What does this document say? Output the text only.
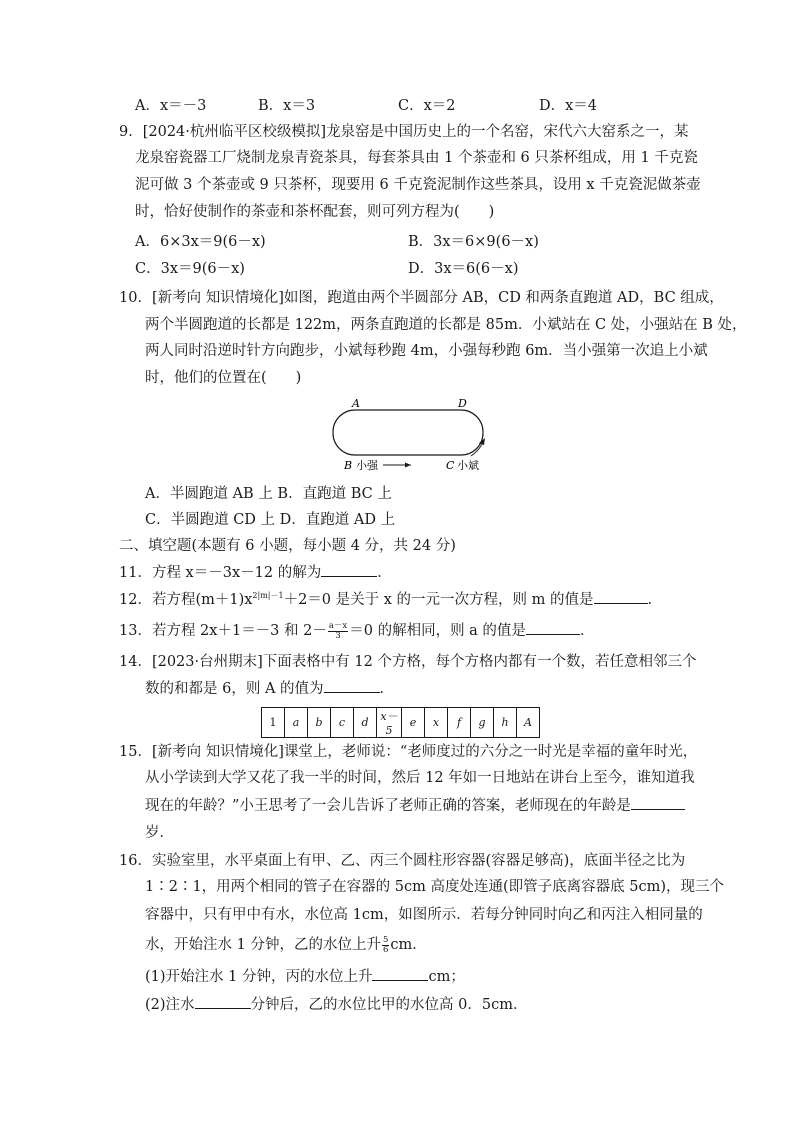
A．x＝－3	B．x＝3	C．x＝2	D．x＝4
9．[2024·杭州临平区校级模拟]龙泉窑是中国历史上的一个名窑，宋代六大窑系之一，某
龙泉窑瓷器工厂烧制龙泉青瓷茶具，每套茶具由 1 个茶壶和 6 只茶杯组成，用 1 千克瓷
泥可做 3 个茶壶或 9 只茶杯，现要用 6 千克瓷泥制作这些茶具，设用 x 千克瓷泥做茶壶
时，恰好使制作的茶壶和茶杯配套，则可列方程为(　　)
A．6×3x＝9(6－x)	B．3x＝6×9(6－x)
C．3x＝9(6－x)	D．3x＝6(6－x)
10．[新考向 知识情境化]如图，跑道由两个半圆部分 AB，CD 和两条直跑道 AD，BC 组成，
两个半圆跑道的长都是 122m，两条直跑道的长都是 85m．小斌站在 C 处，小强站在 B 处，
两人同时沿逆时针方向跑步，小斌每秒跑 4m，小强每秒跑 6m．当小强第一次追上小斌
时，他们的位置在(　　)
A	D
B 小强	C 小斌
A．半圆跑道 AB 上 B．直跑道 BC 上
C．半圆跑道 CD 上 D．直跑道 AD 上
二、填空题(本题有 6 小题，每小题 4 分，共 24 分)
11．方程 x＝－3x－12 的解为	．
12．若方程$(m+1)x^{2|m|-1}+2=0$ 是关于 x 的一元一次方程，则 m 的值是	．
13．若方程 2x＋1＝－3 和 $2- \frac{a-x}{3} =0$ 的解相同，则 a 的值是	．
14．[2023·台州期末]下面表格中有 12 个方格，每个方格内都有一个数，若任意相邻三个
数的和都是 6，则 A 的值为	．
1	a	b	c	d	x－5	e	x	f	g	h	A
15．[新考向 知识情境化]课堂上，老师说：“老师度过的六分之一时光是幸福的童年时光，
从小学读到大学又花了我一半的时间，然后 12 年如一日地站在讲台上至今，谁知道我
现在的年龄？”小王思考了一会儿告诉了老师正确的答案，老师现在的年龄是
岁．
16．实验室里，水平桌面上有甲、乙、丙三个圆柱形容器(容器足够高)，底面半径之比为
1∶2∶1，用两个相同的管子在容器的 5cm 高度处连通(即管子底离容器底 5cm)，现三个
容器中，只有甲中有水，水位高 1cm，如图所示．若每分钟同时向乙和丙注入相同量的
水，开始注水 1 分钟，乙的水位上升 $\frac{5}{6}$ cm．
(1)开始注水 1 分钟，丙的水位上升	cm；
(2)注水	分钟后，乙的水位比甲的水位高 0．5cm．
